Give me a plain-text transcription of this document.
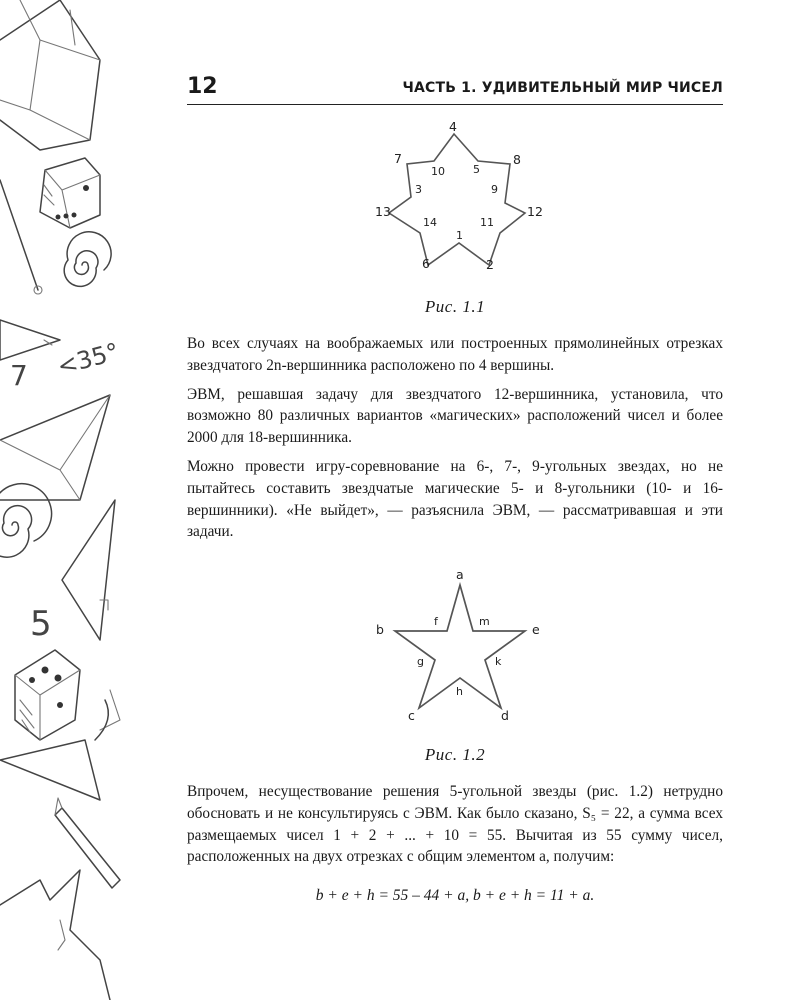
<35°
7
5
12	ЧАСТЬ 1. УДИВИТЕЛЬНЫЙ МИР ЧИСЕЛ
4
7	8
10	5
3	9
13	12
14	11
1
6	2
Рис. 1.1

Во всех случаях на воображаемых или построенных прямолинейных отрезках звездчатого 2n-вершинника расположено по 4 вершины.

ЭВМ, решавшая задачу для звездчатого 12-вершинника, установила, что возможно 80 различных вариантов «магических» расположений чисел и более 2000 для 18-вершинника.

Можно провести игру-соревнование на 6-, 7-, 9-угольных звездах, но не пытайтесь составить звездчатые магические 5- и 8-угольники (10- и 16-вершинники). «Не выйдет», — разъяснила ЭВМ, — рассматривавшая и эти задачи.

a
b	e
f	m
g	k
h
c	d
Рис. 1.2

Впрочем, несуществование решения 5-угольной звезды (рис. 1.2) нетрудно обосновать и не консультируясь с ЭВМ. Как было сказано, S₅ = 22, а сумма всех размещаемых чисел 1 + 2 + ... + 10 = 55. Вычитая из 55 сумму чисел, расположенных на двух отрезках с общим элементом a, получим:

b + e + h = 55 – 44 + a, b + e + h = 11 + a.
